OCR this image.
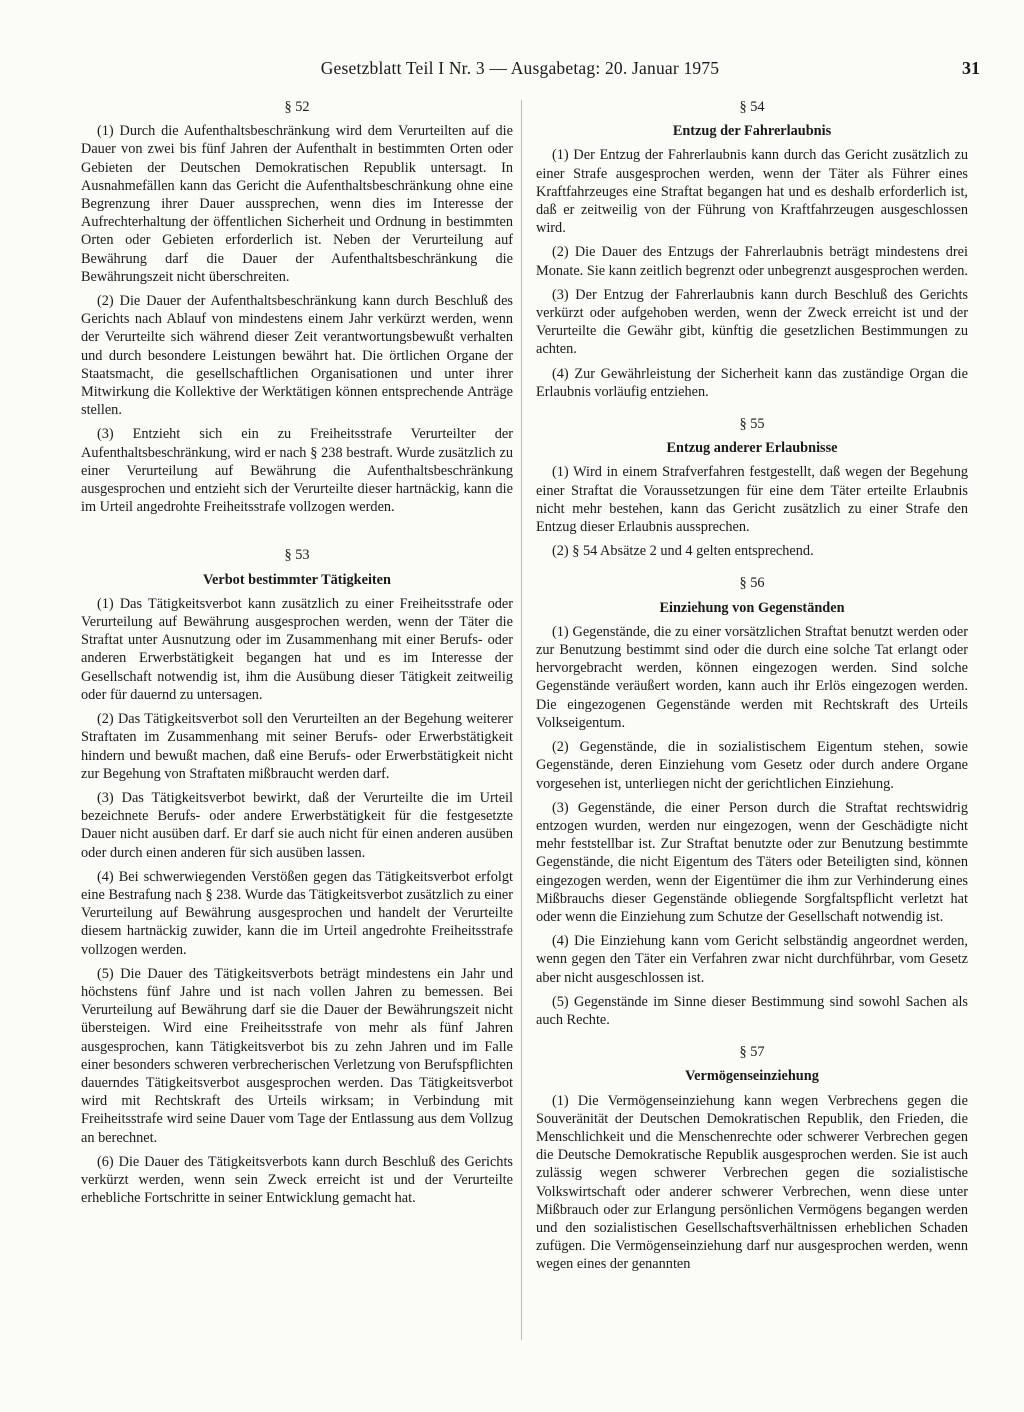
Gesetzblatt Teil I Nr. 3 — Ausgabetag: 20. Januar 1975	31
§ 52

(1) Durch die Aufenthaltsbeschränkung wird dem Verurteilten auf die Dauer von zwei bis fünf Jahren der Aufenthalt in bestimmten Orten oder Gebieten der Deutschen Demokratischen Republik untersagt. In Ausnahmefällen kann das Gericht die Aufenthaltsbeschränkung ohne eine Begrenzung ihrer Dauer aussprechen, wenn dies im Interesse der Aufrechterhaltung der öffentlichen Sicherheit und Ordnung in bestimmten Orten oder Gebieten erforderlich ist. Neben der Verurteilung auf Bewährung darf die Dauer der Aufenthaltsbeschränkung die Bewährungszeit nicht überschreiten.

(2) Die Dauer der Aufenthaltsbeschränkung kann durch Beschluß des Gerichts nach Ablauf von mindestens einem Jahr verkürzt werden, wenn der Verurteilte sich während dieser Zeit verantwortungsbewußt verhalten und durch besondere Leistungen bewährt hat. Die örtlichen Organe der Staatsmacht, die gesellschaftlichen Organisationen und unter ihrer Mitwirkung die Kollektive der Werktätigen können entsprechende Anträge stellen.

(3) Entzieht sich ein zu Freiheitsstrafe Verurteilter der Aufenthaltsbeschränkung, wird er nach § 238 bestraft. Wurde zusätzlich zu einer Verurteilung auf Bewährung die Aufenthaltsbeschränkung ausgesprochen und entzieht sich der Verurteilte dieser hartnäckig, kann die im Urteil angedrohte Freiheitsstrafe vollzogen werden.

§ 53
Verbot bestimmter Tätigkeiten

(1) Das Tätigkeitsverbot kann zusätzlich zu einer Freiheitsstrafe oder Verurteilung auf Bewährung ausgesprochen werden, wenn der Täter die Straftat unter Ausnutzung oder im Zusammenhang mit einer Berufs- oder anderen Erwerbstätigkeit begangen hat und es im Interesse der Gesellschaft notwendig ist, ihm die Ausübung dieser Tätigkeit zeitweilig oder für dauernd zu untersagen.

(2) Das Tätigkeitsverbot soll den Verurteilten an der Begehung weiterer Straftaten im Zusammenhang mit seiner Berufs- oder Erwerbstätigkeit hindern und bewußt machen, daß eine Berufs- oder Erwerbstätigkeit nicht zur Begehung von Straftaten mißbraucht werden darf.

(3) Das Tätigkeitsverbot bewirkt, daß der Verurteilte die im Urteil bezeichnete Berufs- oder andere Erwerbstätigkeit für die festgesetzte Dauer nicht ausüben darf. Er darf sie auch nicht für einen anderen ausüben oder durch einen anderen für sich ausüben lassen.

(4) Bei schwerwiegenden Verstößen gegen das Tätigkeitsverbot erfolgt eine Bestrafung nach § 238. Wurde das Tätigkeitsverbot zusätzlich zu einer Verurteilung auf Bewährung ausgesprochen und handelt der Verurteilte diesem hartnäckig zuwider, kann die im Urteil angedrohte Freiheitsstrafe vollzogen werden.

(5) Die Dauer des Tätigkeitsverbots beträgt mindestens ein Jahr und höchstens fünf Jahre und ist nach vollen Jahren zu bemessen. Bei Verurteilung auf Bewährung darf sie die Dauer der Bewährungszeit nicht übersteigen. Wird eine Freiheitsstrafe von mehr als fünf Jahren ausgesprochen, kann Tätigkeitsverbot bis zu zehn Jahren und im Falle einer besonders schweren verbrecherischen Verletzung von Berufspflichten dauerndes Tätigkeitsverbot ausgesprochen werden. Das Tätigkeitsverbot wird mit Rechtskraft des Urteils wirksam; in Verbindung mit Freiheitsstrafe wird seine Dauer vom Tage der Entlassung aus dem Vollzug an berechnet.

(6) Die Dauer des Tätigkeitsverbots kann durch Beschluß des Gerichts verkürzt werden, wenn sein Zweck erreicht ist und der Verurteilte erhebliche Fortschritte in seiner Entwicklung gemacht hat.

§ 54
Entzug der Fahrerlaubnis

(1) Der Entzug der Fahrerlaubnis kann durch das Gericht zusätzlich zu einer Strafe ausgesprochen werden, wenn der Täter als Führer eines Kraftfahrzeuges eine Straftat begangen hat und es deshalb erforderlich ist, daß er zeitweilig von der Führung von Kraftfahrzeugen ausgeschlossen wird.

(2) Die Dauer des Entzugs der Fahrerlaubnis beträgt mindestens drei Monate. Sie kann zeitlich begrenzt oder unbegrenzt ausgesprochen werden.

(3) Der Entzug der Fahrerlaubnis kann durch Beschluß des Gerichts verkürzt oder aufgehoben werden, wenn der Zweck erreicht ist und der Verurteilte die Gewähr gibt, künftig die gesetzlichen Bestimmungen zu achten.

(4) Zur Gewährleistung der Sicherheit kann das zuständige Organ die Erlaubnis vorläufig entziehen.

§ 55
Entzug anderer Erlaubnisse

(1) Wird in einem Strafverfahren festgestellt, daß wegen der Begehung einer Straftat die Voraussetzungen für eine dem Täter erteilte Erlaubnis nicht mehr bestehen, kann das Gericht zusätzlich zu einer Strafe den Entzug dieser Erlaubnis aussprechen.

(2) § 54 Absätze 2 und 4 gelten entsprechend.

§ 56
Einziehung von Gegenständen

(1) Gegenstände, die zu einer vorsätzlichen Straftat benutzt werden oder zur Benutzung bestimmt sind oder die durch eine solche Tat erlangt oder hervorgebracht werden, können eingezogen werden. Sind solche Gegenstände veräußert worden, kann auch ihr Erlös eingezogen werden. Die eingezogenen Gegenstände werden mit Rechtskraft des Urteils Volkseigentum.

(2) Gegenstände, die in sozialistischem Eigentum stehen, sowie Gegenstände, deren Einziehung vom Gesetz oder durch andere Organe vorgesehen ist, unterliegen nicht der gerichtlichen Einziehung.

(3) Gegenstände, die einer Person durch die Straftat rechtswidrig entzogen wurden, werden nur eingezogen, wenn der Geschädigte nicht mehr feststellbar ist. Zur Straftat benutzte oder zur Benutzung bestimmte Gegenstände, die nicht Eigentum des Täters oder Beteiligten sind, können eingezogen werden, wenn der Eigentümer die ihm zur Verhinderung eines Mißbrauchs dieser Gegenstände obliegende Sorgfaltspflicht verletzt hat oder wenn die Einziehung zum Schutze der Gesellschaft notwendig ist.

(4) Die Einziehung kann vom Gericht selbständig angeordnet werden, wenn gegen den Täter ein Verfahren zwar nicht durchführbar, vom Gesetz aber nicht ausgeschlossen ist.

(5) Gegenstände im Sinne dieser Bestimmung sind sowohl Sachen als auch Rechte.

§ 57
Vermögenseinziehung

(1) Die Vermögenseinziehung kann wegen Verbrechens gegen die Souveränität der Deutschen Demokratischen Republik, den Frieden, die Menschlichkeit und die Menschenrechte oder schwerer Verbrechen gegen die Deutsche Demokratische Republik ausgesprochen werden. Sie ist auch zulässig wegen schwerer Verbrechen gegen die sozialistische Volkswirtschaft oder anderer schwerer Verbrechen, wenn diese unter Mißbrauch oder zur Erlangung persönlichen Vermögens begangen werden und den sozialistischen Gesellschaftsverhältnissen erheblichen Schaden zufügen. Die Vermögenseinziehung darf nur ausgesprochen werden, wenn wegen eines der genannten
